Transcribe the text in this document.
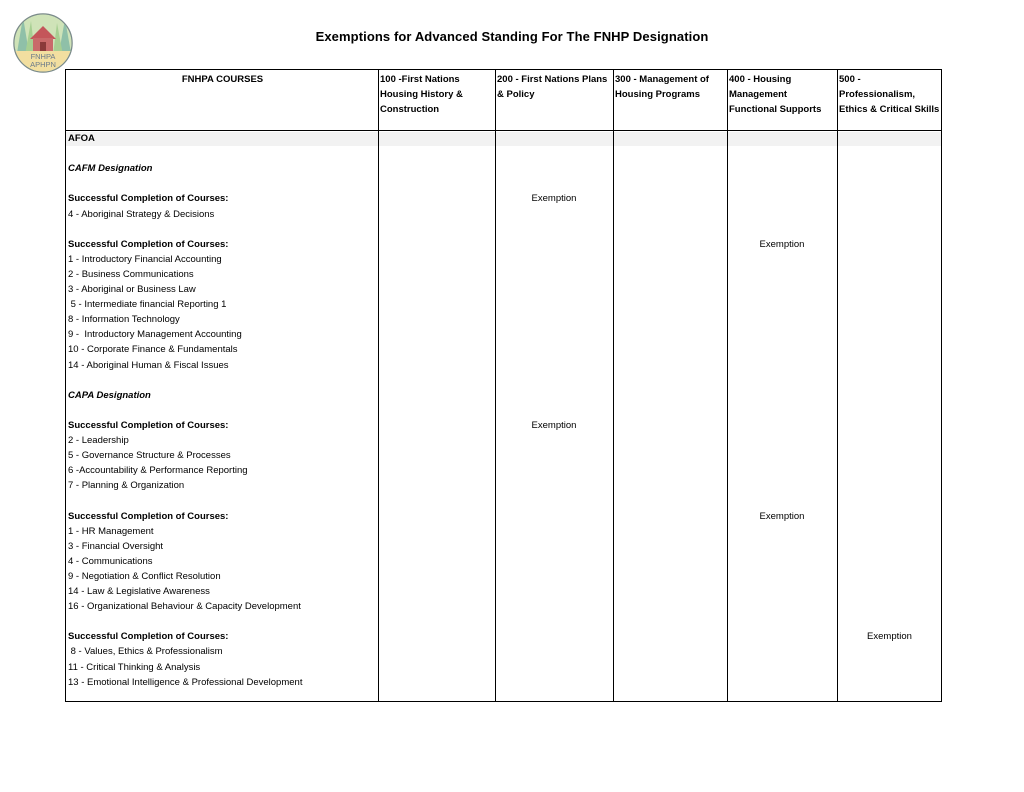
FNHPA
APHPN
Exemptions for Advanced Standing For The FNHP Designation
FNHPA COURSES	100 -First Nations
Housing History &
Construction
200 - First Nations Plans
& Policy
300 - Management of
Housing Programs
400 - Housing
Management
Functional Supports
500 -
Professionalism,
Ethics & Critical Skills
AFOA
CAFM Designation
Successful Completion of Courses:
4 - Aboriginal Strategy & Decisions
Successful Completion of Courses:
1 - Introductory Financial Accounting
2 - Business Communications
3 - Aboriginal or Business Law
5 - Intermediate financial Reporting 1
8 - Information Technology
9 -  Introductory Management Accounting
10 - Corporate Finance & Fundamentals
14 - Aboriginal Human & Fiscal Issues
CAPA Designation
Successful Completion of Courses:
2 - Leadership
5 - Governance Structure & Processes
6 -Accountability & Performance Reporting
7 - Planning & Organization
Successful Completion of Courses:
1 - HR Management
3 - Financial Oversight
4 - Communications
9 - Negotiation & Conflict Resolution
14 - Law & Legislative Awareness
16 - Organizational Behaviour & Capacity Development
Successful Completion of Courses:
8 - Values, Ethics & Professionalism
11 - Critical Thinking & Analysis
13 - Emotional Intelligence & Professional Development
Exemption
Exemption
Exemption
Exemption
Exemption
